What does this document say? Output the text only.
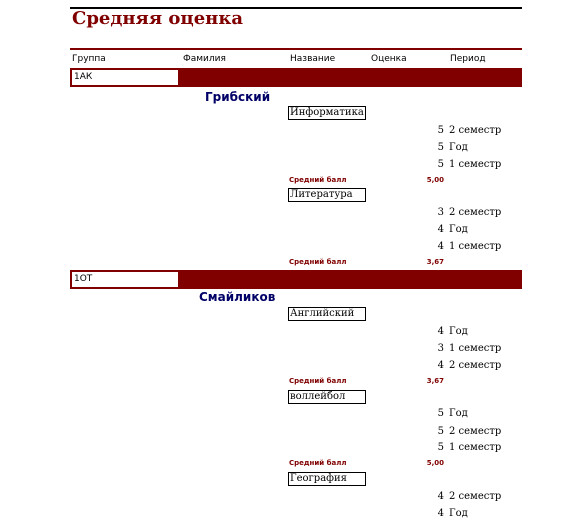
Средняя оценка
Группа	Фамилия	Название	Оценка	Период
1АК
Грибский
Информатика
5 2 семестр
5 Год
5 1 семестр
Средний балл	5,00
Литература
3 2 семестр
4 Год
4 1 семестр
Средний балл	3,67
1ОТ
Смайликов
Английский
4 Год
3 1 семестр
4 2 семестр
Средний балл	3,67
воллейбол
5 Год
5 2 семестр
5 1 семестр
Средний балл	5,00
География
4 2 семестр
4 Год
